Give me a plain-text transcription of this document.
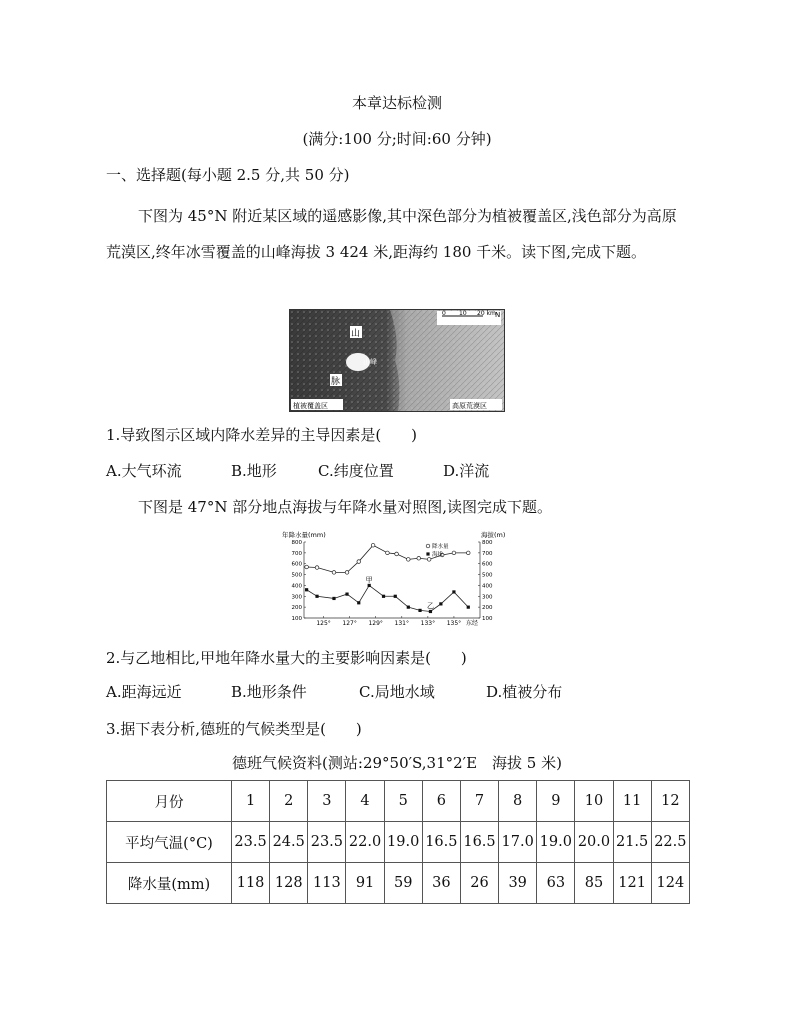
本章达标检测
(满分:100 分;时间:60 分钟)
一、选择题(每小题 2.5 分,共 50 分)
下图为 45°N 附近某区域的遥感影像,其中深色部分为植被覆盖区,浅色部分为高原荒漠区,终年冰雪覆盖的山峰海拔 3 424 米,距海约 180 千米。读下图,完成下题。
0 10 20 km N
山
山峰
脉
植被覆盖区	高原荒漠区
1.导致图示区域内降水差异的主导因素是(　　)
A.大气环流	B.地形	C.纬度位置	D.洋流
下图是 47°N 部分地点海拔与年降水量对照图,读图完成下题。
年降水量(mm)	海拔(m)
100	100
200	200
300	300
400	400
500	500
600	600
700	700
800	800
125° 127° 129° 131° 133° 135° 东经
甲
乙
降水量
海拔
2.与乙地相比,甲地年降水量大的主要影响因素是(　　)
A.距海远近	B.地形条件	C.局地水域	D.植被分布
3.据下表分析,德班的气候类型是(　　)
德班气候资料(测站:29°50′S,31°2′E　海拔 5 米)
月份	1	2	3	4	5	6	7	8	9	10	11	12
平均气温(°C)	23.5	24.5	23.5	22.0	19.0	16.5	16.5	17.0	19.0	20.0	21.5	22.5
降水量(mm)	118	128	113	91	59	36	26	39	63	85	121	124
